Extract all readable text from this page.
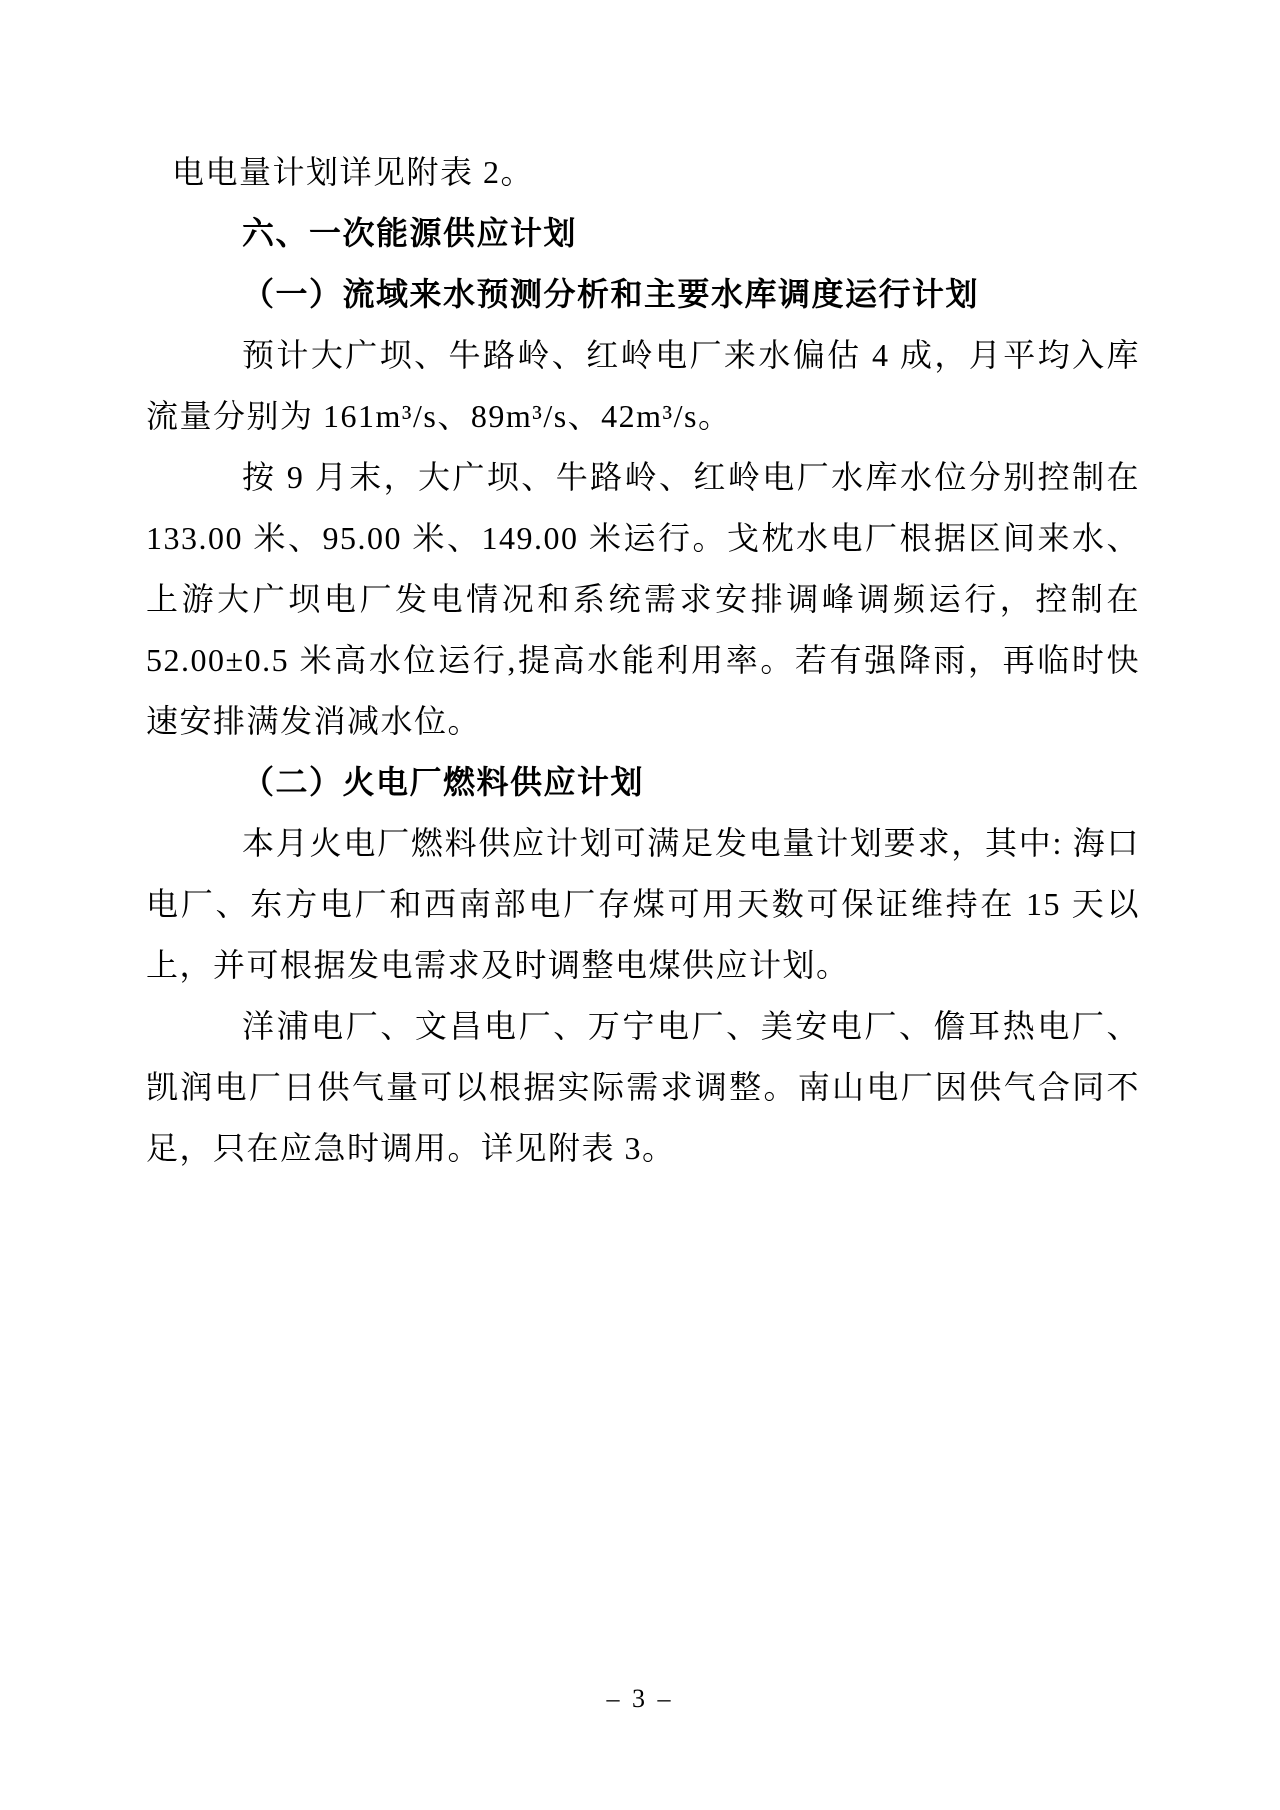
电电量计划详见附表 2。

六、一次能源供应计划
（一）流域来水预测分析和主要水库调度运行计划

预计大广坝、牛路岭、红岭电厂来水偏估 4 成，月平均入库流量分别为 161m³/s、89m³/s、42m³/s。

按 9 月末，大广坝、牛路岭、红岭电厂水库水位分别控制在 133.00 米、95.00 米、149.00 米运行。戈枕水电厂根据区间来水、上游大广坝电厂发电情况和系统需求安排调峰调频运行，控制在 52.00±0.5 米高水位运行,提高水能利用率。若有强降雨，再临时快速安排满发消减水位。

（二）火电厂燃料供应计划

本月火电厂燃料供应计划可满足发电量计划要求，其中: 海口电厂、东方电厂和西南部电厂存煤可用天数可保证维持在 15 天以上，并可根据发电需求及时调整电煤供应计划。

洋浦电厂、文昌电厂、万宁电厂、美安电厂、儋耳热电厂、凯润电厂日供气量可以根据实际需求调整。南山电厂因供气合同不足，只在应急时调用。详见附表 3。

– 3 –
